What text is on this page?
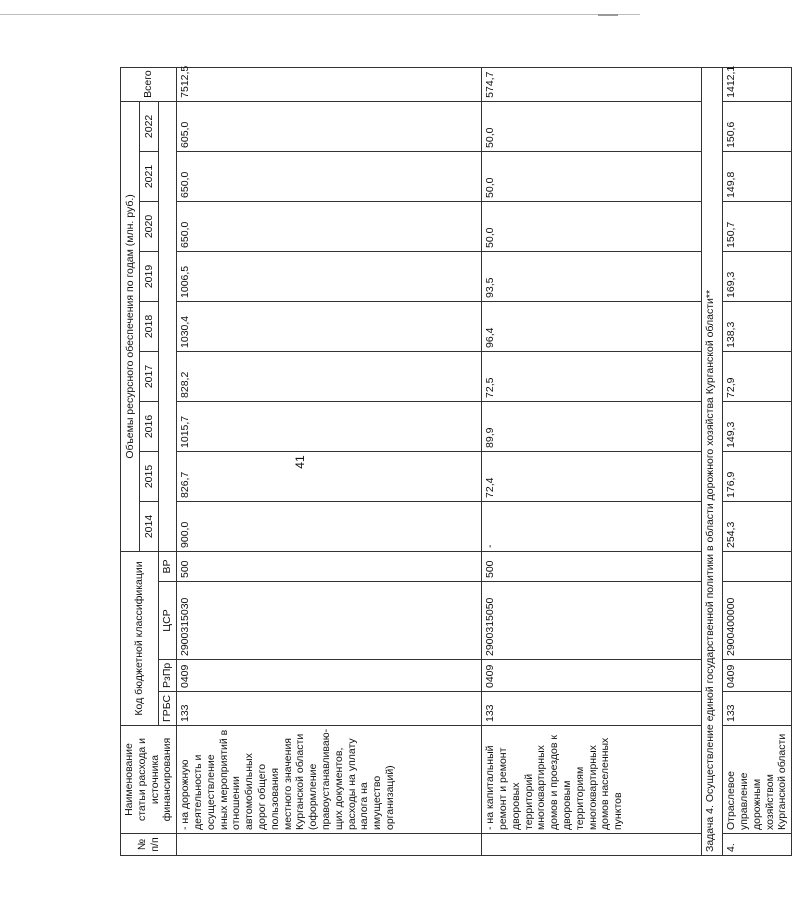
41
№ п/п	Наименование статьи расхода и источника финансирования	Код бюджетной классификации				Объемы ресурсного обеспечения по годам (млн. руб.)									Всего
						2014	2015	2016	2017	2018	2019	2020	2021	2022	
		ГРБС	РзПр	ЦСР	ВР										
	- на дорожную деятельность и осуществление иных мероприятий в отношении автомобильных дорог общего пользования местного значения Курганской области (оформление правоустанавливаю-щих документов, расходы на уплату налога на имущество организаций)	133	0409	2900315030	500	900,0	826,7	1015,7	828,2	1030,4	1006,5	650,0	650,0	605,0	7512,5
	- на капитальный ремонт и ремонт дворовых территорий многоквартирных домов и проездов к дворовым территориям многоквартирных домов населенных пунктов	133	0409	2900315050	500	-	72,4	89,9	72,5	96,4	93,5	50,0	50,0	50,0	574,7
Задача 4. Осуществление единой государственной политики в области дорожного хозяйства Курганской области**															
4.	Отраслевое управление дорожным хозяйством Курганской области	133	0409	2900400000		254,3	176,9	149,3	72,9	138,3	169,3	150,7	149,8	150,6	1412,1
